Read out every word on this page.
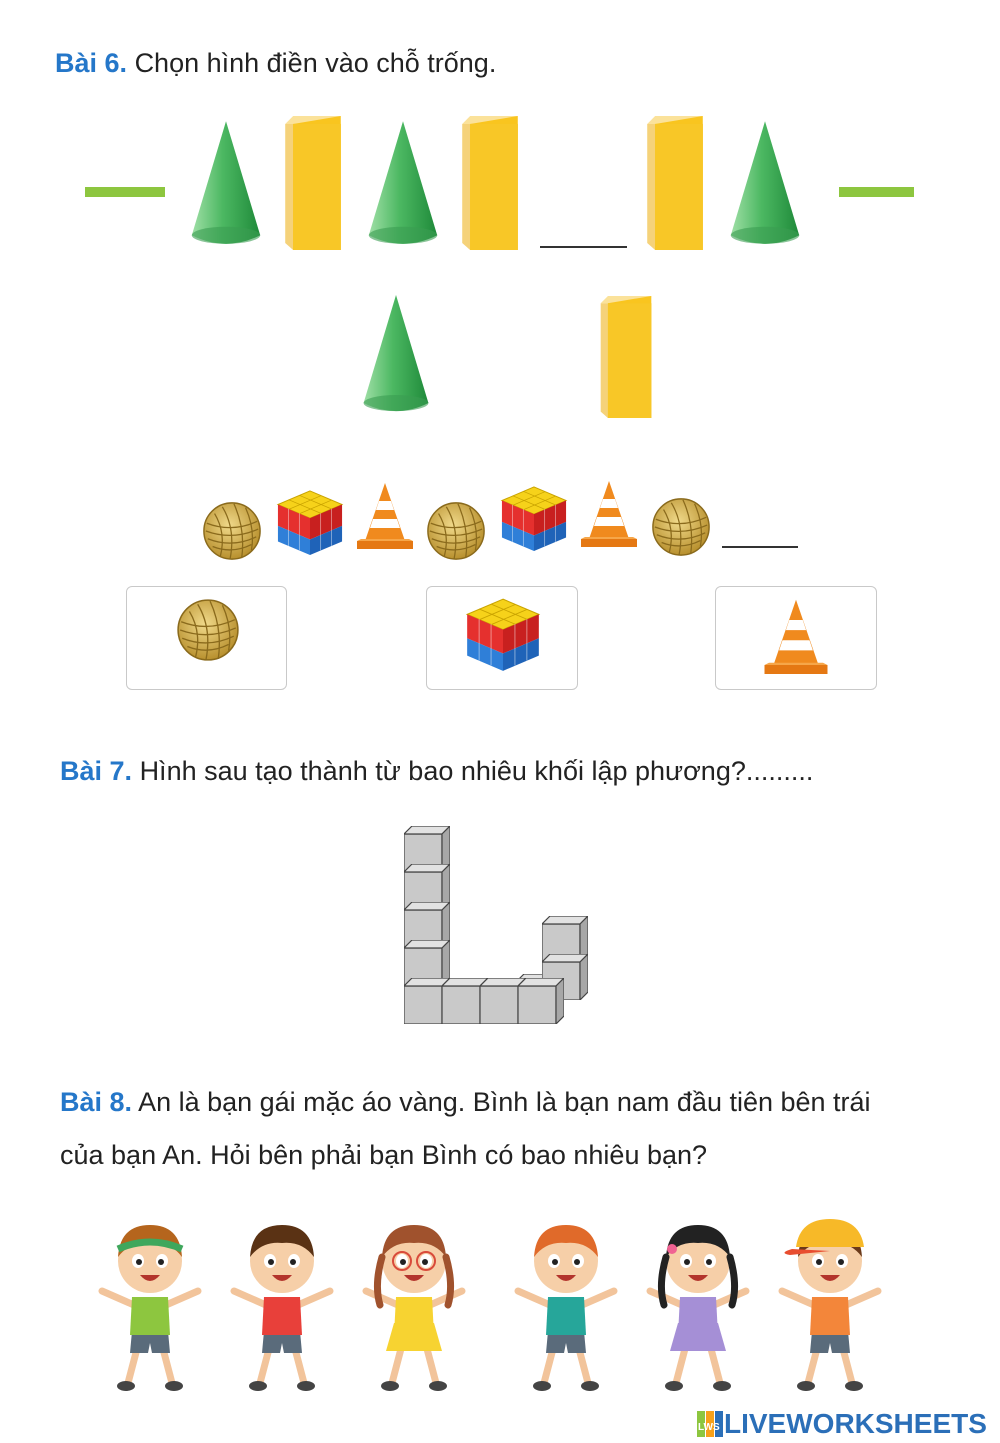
Bài 6. Chọn hình điền vào chỗ trống.
Bài 7. Hình sau tạo thành từ bao nhiêu khối lập phương?.........
Bài 8. An là bạn gái mặc áo vàng. Bình là bạn nam đầu tiên bên trái
của bạn An. Hỏi bên phải bạn Bình có bao nhiêu bạn?
LWS LIVEWORKSHEETS
